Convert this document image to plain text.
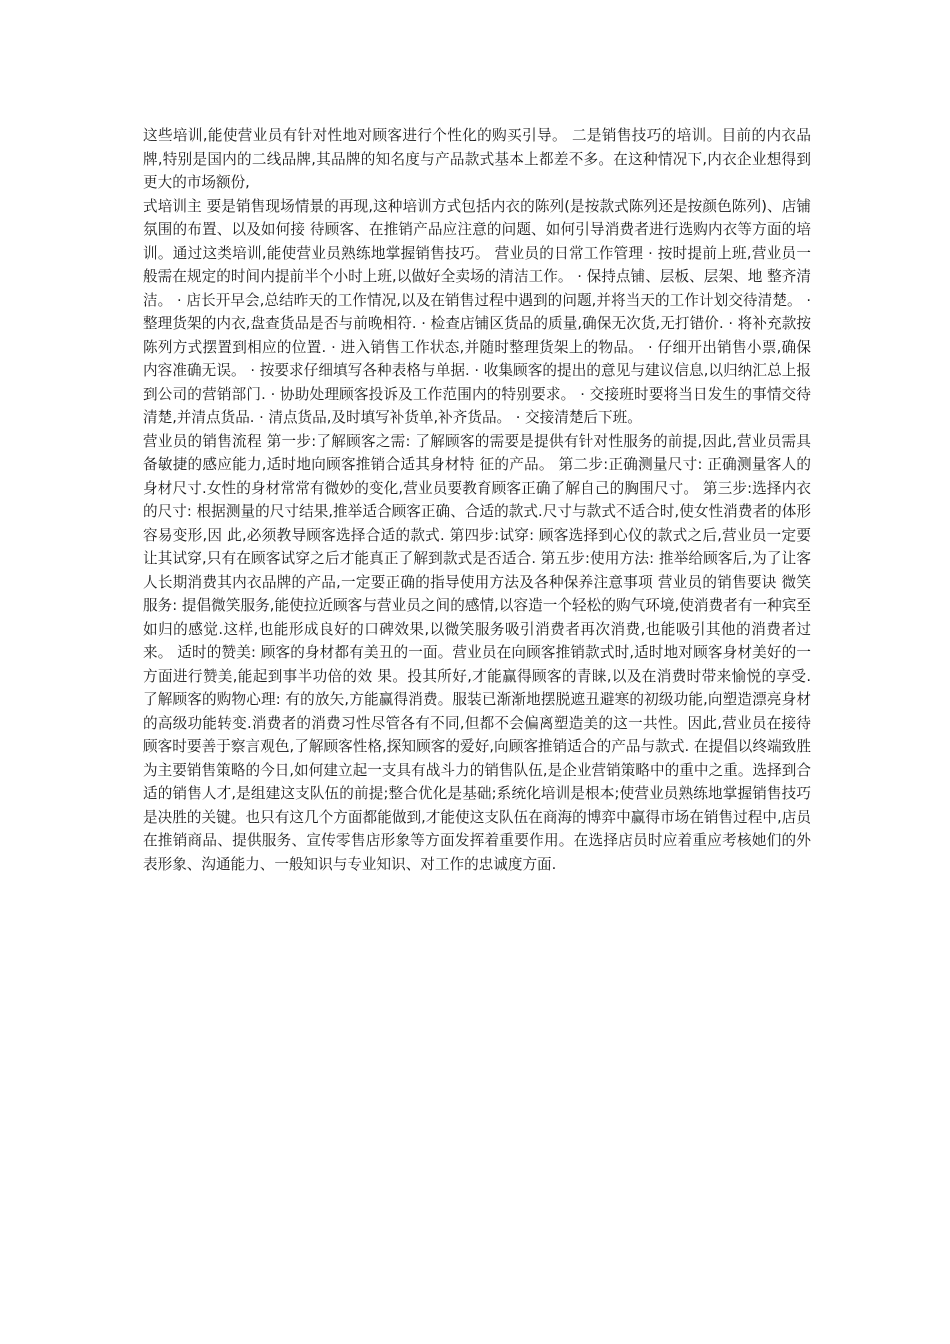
这些培训,能使营业员有针对性地对顾客进行个性化的购买引导。 二是销售技巧的培训。目前的内衣品牌,特别是国内的二线品牌,其品牌的知名度与产品款式基本上都差不多。在这种情况下,内衣企业想得到更大的市场额份,

式培训主 要是销售现场情景的再现,这种培训方式包括内衣的陈列(是按款式陈列还是按颜色陈列)、店铺氛围的布置、以及如何接 待顾客、在推销产品应注意的问题、如何引导消费者进行选购内衣等方面的培训。通过这类培训,能使营业员熟练地掌握销售技巧。 营业员的日常工作管理 · 按时提前上班,营业员一般需在规定的时间内提前半个小时上班,以做好全卖场的清洁工作。 · 保持点铺、层板、层架、地 整齐清洁。 · 店长开早会,总结昨天的工作情况,以及在销售过程中遇到的问题,并将当天的工作计划交待清楚。 · 整理货架的内衣,盘查货品是否与前晚相符. · 检查店铺区货品的质量,确保无次货,无打错价. · 将补充款按陈列方式摆置到相应的位置. · 进入销售工作状态,并随时整理货架上的物品。 · 仔细开出销售小票,确保内容准确无误。 · 按要求仔细填写各种表格与单据. · 收集顾客的提出的意见与建议信息,以归纳汇总上报到公司的营销部门. · 协助处理顾客投诉及工作范围内的特别要求。 · 交接班时要将当日发生的事情交待清楚,并清点货品. · 清点货品,及时填写补货单,补齐货品。 · 交接清楚后下班。

营业员的销售流程 第一步:了解顾客之需: 了解顾客的需要是提供有针对性服务的前提,因此,营业员需具备敏捷的感应能力,适时地向顾客推销合适其身材特 征的产品。 第二步:正确测量尺寸: 正确测量客人的身材尺寸.女性的身材常常有微妙的变化,营业员要教育顾客正确了解自己的胸围尺寸。 第三步:选择内衣的尺寸: 根据测量的尺寸结果,推举适合顾客正确、合适的款式.尺寸与款式不适合时,使女性消费者的体形容易变形,因 此,必须教导顾客选择合适的款式. 第四步:试穿: 顾客选择到心仪的款式之后,营业员一定要让其试穿,只有在顾客试穿之后才能真正了解到款式是否适合. 第五步:使用方法: 推举给顾客后,为了让客人长期消费其内衣品牌的产品,一定要正确的指导使用方法及各种保养注意事项 营业员的销售要诀 微笑服务: 提倡微笑服务,能使拉近顾客与营业员之间的感情,以容造一个轻松的购气环境,使消费者有一种宾至如归的感觉.这样,也能形成良好的口碑效果,以微笑服务吸引消费者再次消费,也能吸引其他的消费者过来。 适时的赞美: 顾客的身材都有美丑的一面。营业员在向顾客推销款式时,适时地对顾客身材美好的一方面进行赞美,能起到事半功倍的效 果。投其所好,才能赢得顾客的青睐,以及在消费时带来愉悦的享受. 了解顾客的购物心理: 有的放矢,方能赢得消费。服装已渐渐地摆脱遮丑避寒的初级功能,向塑造漂亮身材的高级功能转变.消费者的消费习性尽管各有不同,但都不会偏离塑造美的这一共性。因此,营业员在接待顾客时要善于察言观色,了解顾客性格,探知顾客的爱好,向顾客推销适合的产品与款式. 在提倡以终端致胜为主要销售策略的今日,如何建立起一支具有战斗力的销售队伍,是企业营销策略中的重中之重。选择到合适的销售人才,是组建这支队伍的前提;整合优化是基础;系统化培训是根本;使营业员熟练地掌握销售技巧是决胜的关键。也只有这几个方面都能做到,才能使这支队伍在商海的博弈中赢得市场在销售过程中,店员在推销商品、提供服务、宣传零售店形象等方面发挥着重要作用。在选择店员时应着重应考核她们的外表形象、沟通能力、一般知识与专业知识、对工作的忠诚度方面.
